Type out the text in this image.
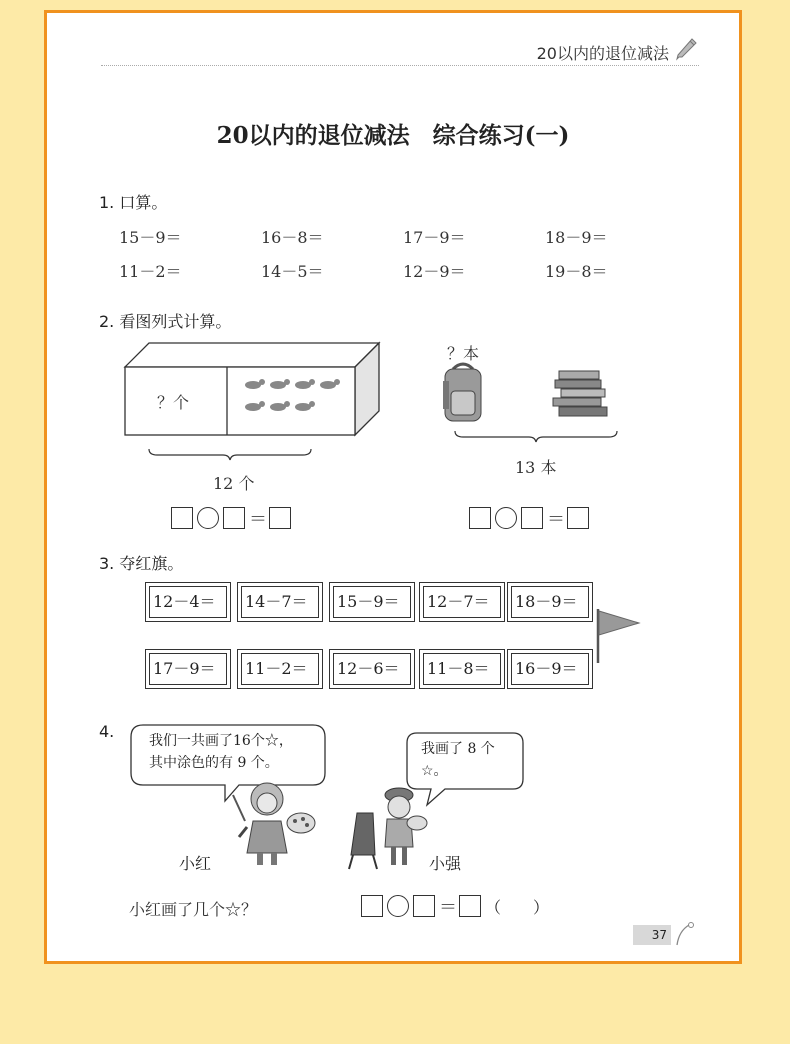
20以内的退位减法
20以内的退位减法　综合练习(一)
1. 口算。
15－9＝	16－8＝	17－9＝	18－9＝
11－2＝	14－5＝	12－9＝	19－8＝
2. 看图列式计算。
？个
12 个
＝
？本
13 本
＝
3. 夺红旗。
12－4＝	14－7＝	15－9＝	12－7＝	18－9＝
17－9＝	11－2＝	12－6＝	11－8＝	16－9＝
4. 我们一共画了16个☆，
其中涂色的有 9 个。
我画了 8 个
☆。
小红	小强
小红画了几个☆？	＝ （　　）
37
